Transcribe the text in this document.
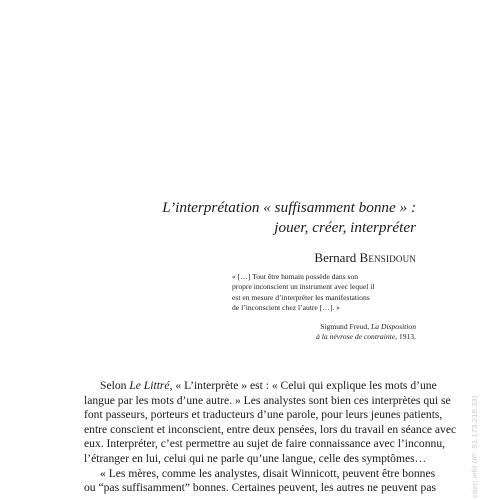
L’interprétation « suffisamment bonne » :
jouer, créer, interpréter
Bernard Bensidoun
« […] Tout être humain possède dans son
propre inconscient un instrument avec lequel il
est en mesure d’interpréter les manifestations
de l’inconscient chez l’autre […]. »
Sigmund Freud, La Disposition
à la névrose de contrainte, 1913.
Selon Le Littré, « L’interprète » est : « Celui qui explique les mots d’une
langue par les mots d’une autre. » Les analystes sont bien ces interprètes qui se
font passeurs, porteurs et traducteurs d’une parole, pour leurs jeunes patients,
entre conscient et inconscient, entre deux pensées, lors du travail en séance avec
eux. Interpréter, c’est permettre au sujet de faire connaissance avec l’inconnu,
l’étranger en lui, celui qui ne parle qu’une langue, celle des symptômes…
« Les mères, comme les analystes, disait Winnicott, peuvent être bonnes
ou “pas suffisamment” bonnes. Certaines peuvent, les autres ne peuvent pas	cairn.info (IP: 91.173.216.33)
